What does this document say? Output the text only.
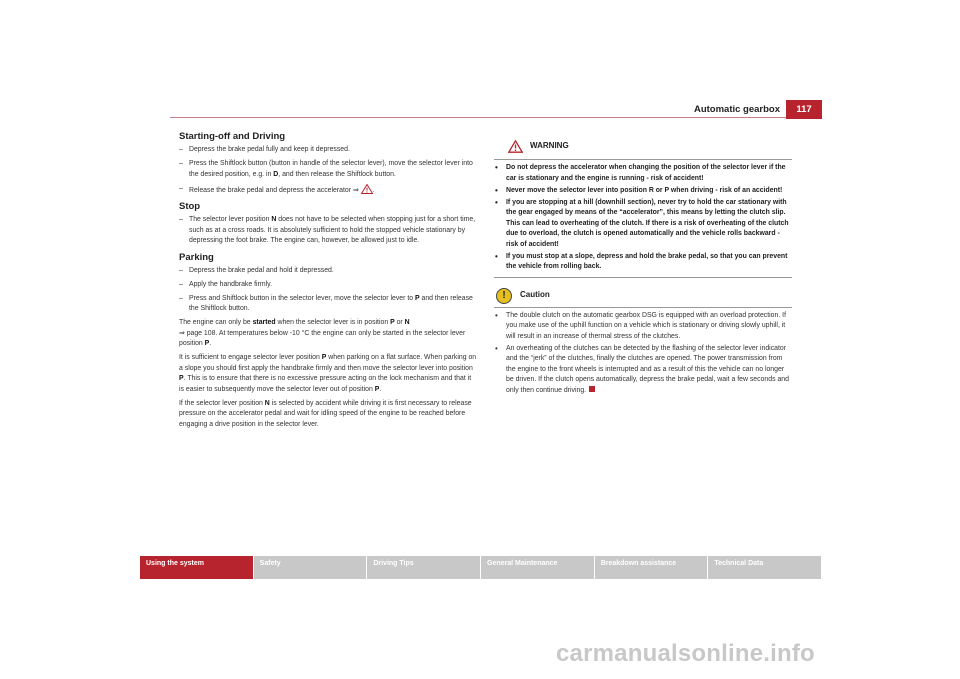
Automatic gearbox	117
Starting-off and Driving
– Depress the brake pedal fully and keep it depressed.
– Press the Shiftlock button (button in handle of the selector lever), move the selector lever into the desired position, e.g. in D, and then release the Shiftlock button.
– Release the brake pedal and depress the accelerator ⇒ .
Stop
– The selector lever position N does not have to be selected when stopping just for a short time, such as at a cross roads. It is absolutely sufficient to hold the stopped vehicle stationary by depressing the foot brake. The engine can, however, be allowed just to idle.
Parking
– Depress the brake pedal and hold it depressed.
– Apply the handbrake firmly.
– Press and Shiftlock button in the selector lever, move the selector lever to P and then release the Shiftlock button.

The engine can only be started when the selector lever is in position P or N
⇒ page 108. At temperatures below -10 °C the engine can only be started in the selector lever position P.

It is sufficient to engage selector lever position P when parking on a flat surface. When parking on a slope you should first apply the handbrake firmly and then move the selector lever into position P. This is to ensure that there is no excessive pressure acting on the lock mechanism and that it is easier to subsequently move the selector lever out of position P.

If the selector lever position N is selected by accident while driving it is first necessary to release pressure on the accelerator pedal and wait for idling speed of the engine to be reached before engaging a drive position in the selector lever.

WARNING
• Do not depress the accelerator when changing the position of the selector lever if the car is stationary and the engine is running - risk of accident!
• Never move the selector lever into position R or P when driving - risk of an accident!
• If you are stopping at a hill (downhill section), never try to hold the car stationary with the gear engaged by means of the “accelerator”, this means by letting the clutch slip. This can lead to overheating of the clutch. If there is a risk of overheating of the clutch due to overload, the clutch is opened automatically and the vehicle rolls backward - risk of accident!
• If you must stop at a slope, depress and hold the brake pedal, so that you can prevent the vehicle from rolling back.
!	Caution
• The double clutch on the automatic gearbox DSG is equipped with an overload protection. If you make use of the uphill function on a vehicle which is stationary or driving slowly uphill, it will result in an increase of thermal stress of the clutches.
• An overheating of the clutches can be detected by the flashing of the selector lever indicator and the “jerk” of the clutches, finally the clutches are opened. The power transmission from the engine to the front wheels is interrupted and as a result of this the vehicle can no longer be driven. If the clutch opens automatically, depress the brake pedal, wait a few seconds and only then continue driving.
Using the system	Safety	Driving Tips	General Maintenance	Breakdown assistance	Technical Data
carmanualsonline.info
